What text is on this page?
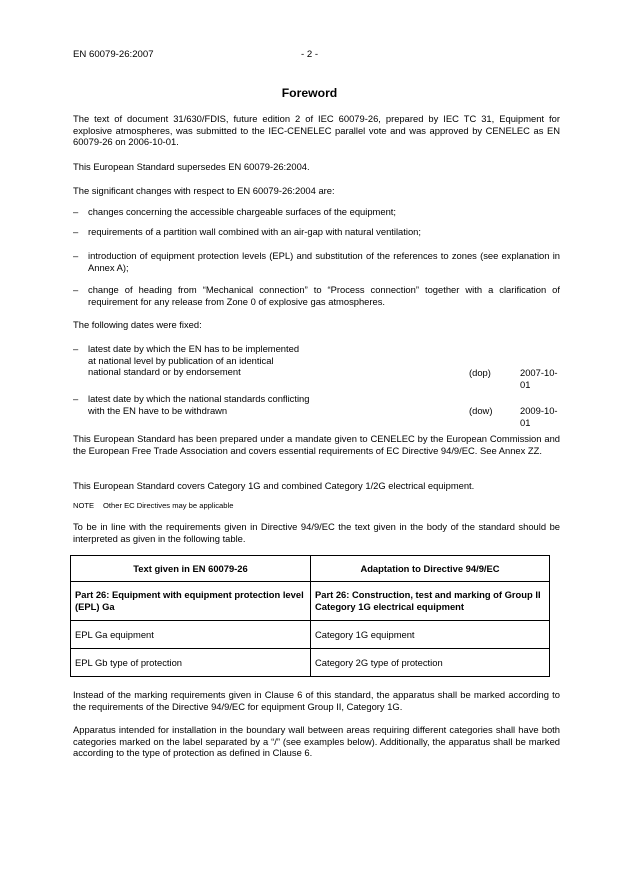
EN 60079-26:2007	- 2 -
Foreword
The text of document 31/630/FDIS, future edition 2 of IEC 60079-26, prepared by IEC TC 31, Equipment for explosive atmospheres, was submitted to the IEC-CENELEC parallel vote and was approved by CENELEC as EN 60079-26 on 2006-10-01.
This European Standard supersedes EN 60079-26:2004.
The significant changes with respect to EN 60079-26:2004 are:
– changes concerning the accessible chargeable surfaces of the equipment;
– requirements of a partition wall combined with an air-gap with natural ventilation;
– introduction of equipment protection levels (EPL) and substitution of the references to zones (see explanation in Annex A);
– change of heading from “Mechanical connection” to “Process connection” together with a clarification of requirement for any release from Zone 0 of explosive gas atmospheres.
The following dates were fixed:
– latest date by which the EN has to be implemented
at national level by publication of an identical
national standard or by endorsement	(dop)	2007-10-01
– latest date by which the national standards conflicting
with the EN have to be withdrawn	(dow)	2009-10-01
This European Standard has been prepared under a mandate given to CENELEC by the European Commission and the European Free Trade Association and covers essential requirements of EC Directive 94/9/EC. See Annex ZZ.
This European Standard covers Category 1G and combined Category 1/2G electrical equipment.
NOTE Other EC Directives may be applicable
To be in line with the requirements given in Directive 94/9/EC the text given in the body of the standard should be interpreted as given in the following table.
Text given in EN 60079-26	Adaptation to Directive 94/9/EC
Part 26: Equipment with equipment protection level (EPL) Ga	Part 26: Construction, test and marking of Group II Category 1G electrical equipment
EPL Ga equipment	Category 1G equipment
EPL Gb type of protection	Category 2G type of protection
Instead of the marking requirements given in Clause 6 of this standard, the apparatus shall be marked according to the requirements of the Directive 94/9/EC for equipment Group II, Category 1G.
Apparatus intended for installation in the boundary wall between areas requiring different categories shall have both categories marked on the label separated by a “/” (see examples below). Additionally, the apparatus shall be marked according to the type of protection as defined in Clause 6.
